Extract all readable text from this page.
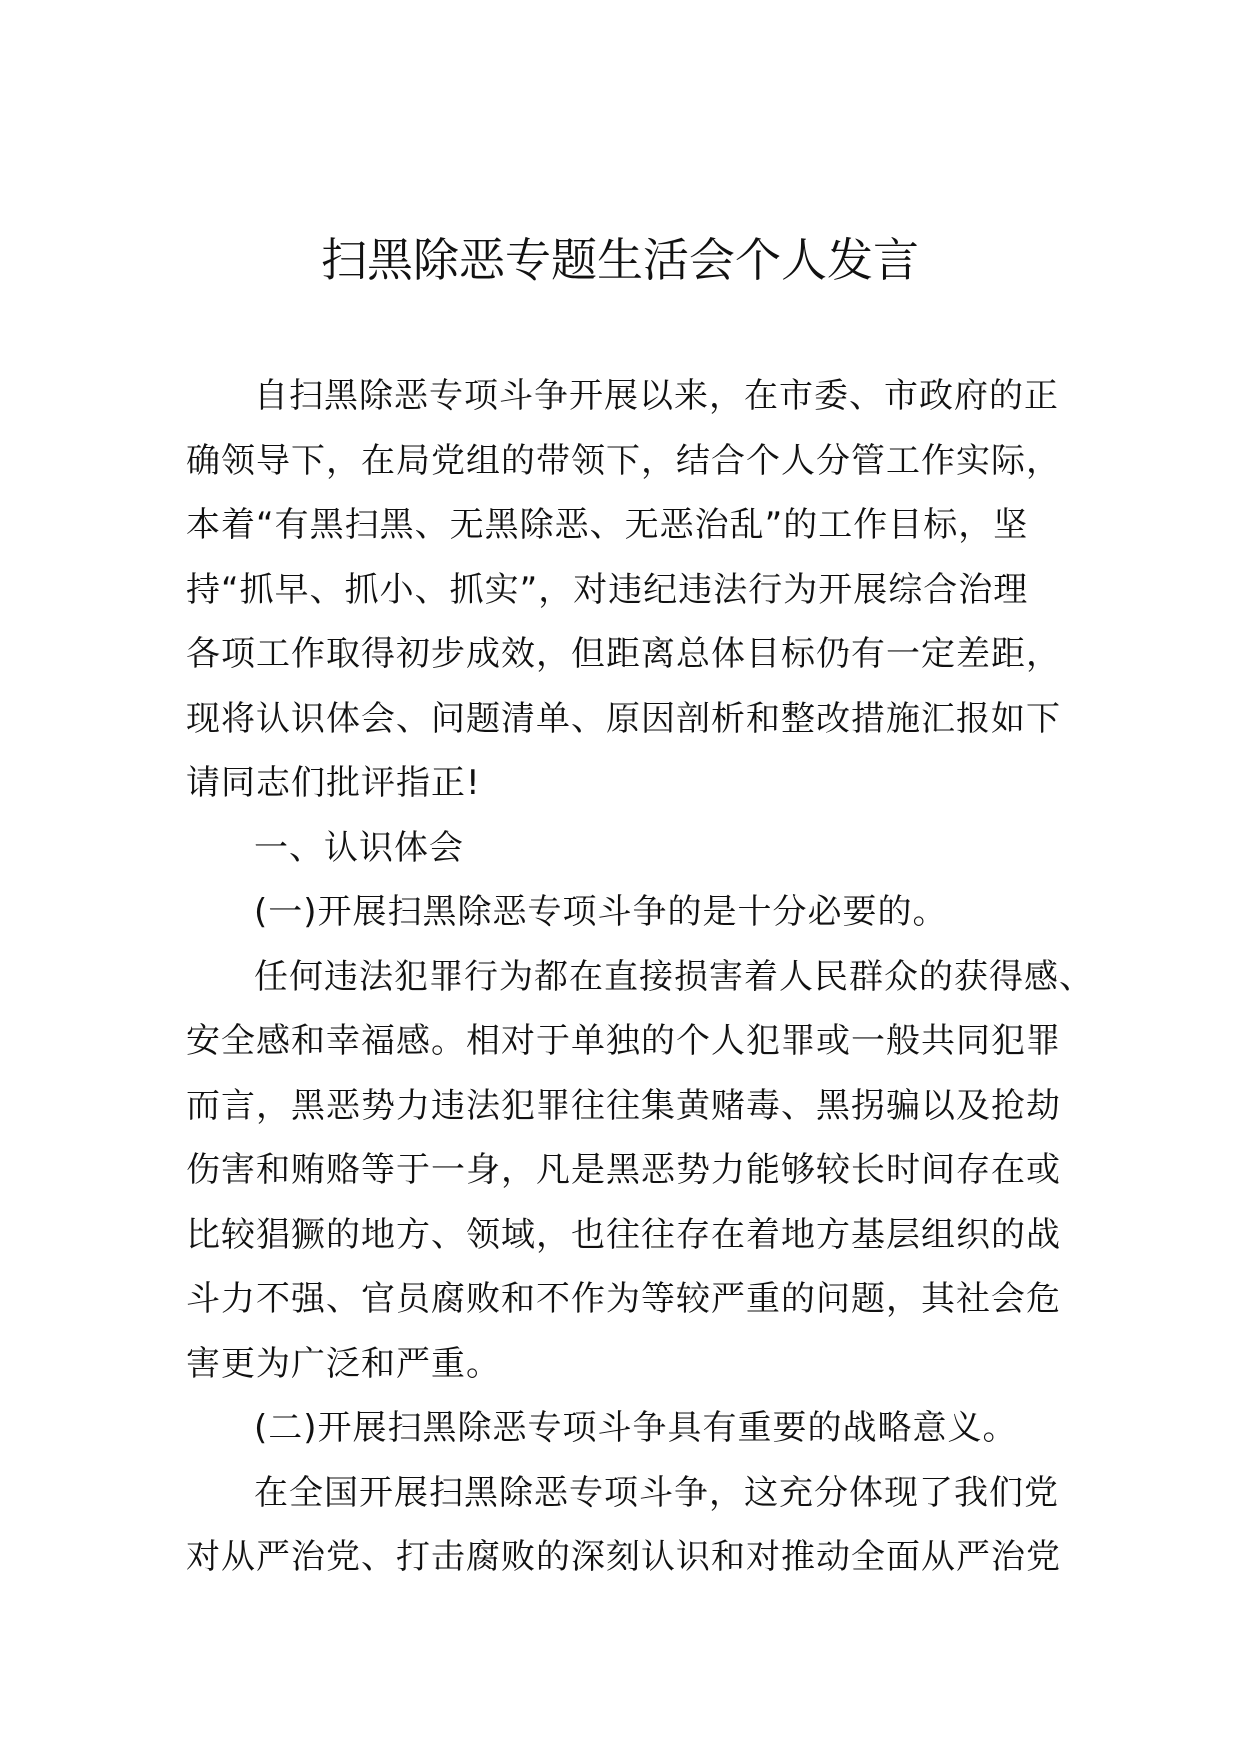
扫黑除恶专题生活会个人发言
自扫黑除恶专项斗争开展以来，在市委、市政府的正
确领导下，在局党组的带领下，结合个人分管工作实际，
本着“有黑扫黑、无黑除恶、无恶治乱”的工作目标，坚
持“抓早、抓小、抓实”，对违纪违法行为开展综合治理
各项工作取得初步成效，但距离总体目标仍有一定差距，
现将认识体会、问题清单、原因剖析和整改措施汇报如下
请同志们批评指正!
一、认识体会
(一)开展扫黑除恶专项斗争的是十分必要的。
任何违法犯罪行为都在直接损害着人民群众的获得感、
安全感和幸福感。相对于单独的个人犯罪或一般共同犯罪
而言，黑恶势力违法犯罪往往集黄赌毒、黑拐骗以及抢劫
伤害和贿赂等于一身，凡是黑恶势力能够较长时间存在或
比较猖獗的地方、领域，也往往存在着地方基层组织的战
斗力不强、官员腐败和不作为等较严重的问题，其社会危
害更为广泛和严重。
(二)开展扫黑除恶专项斗争具有重要的战略意义。
在全国开展扫黑除恶专项斗争，这充分体现了我们党
对从严治党、打击腐败的深刻认识和对推动全面从严治党
